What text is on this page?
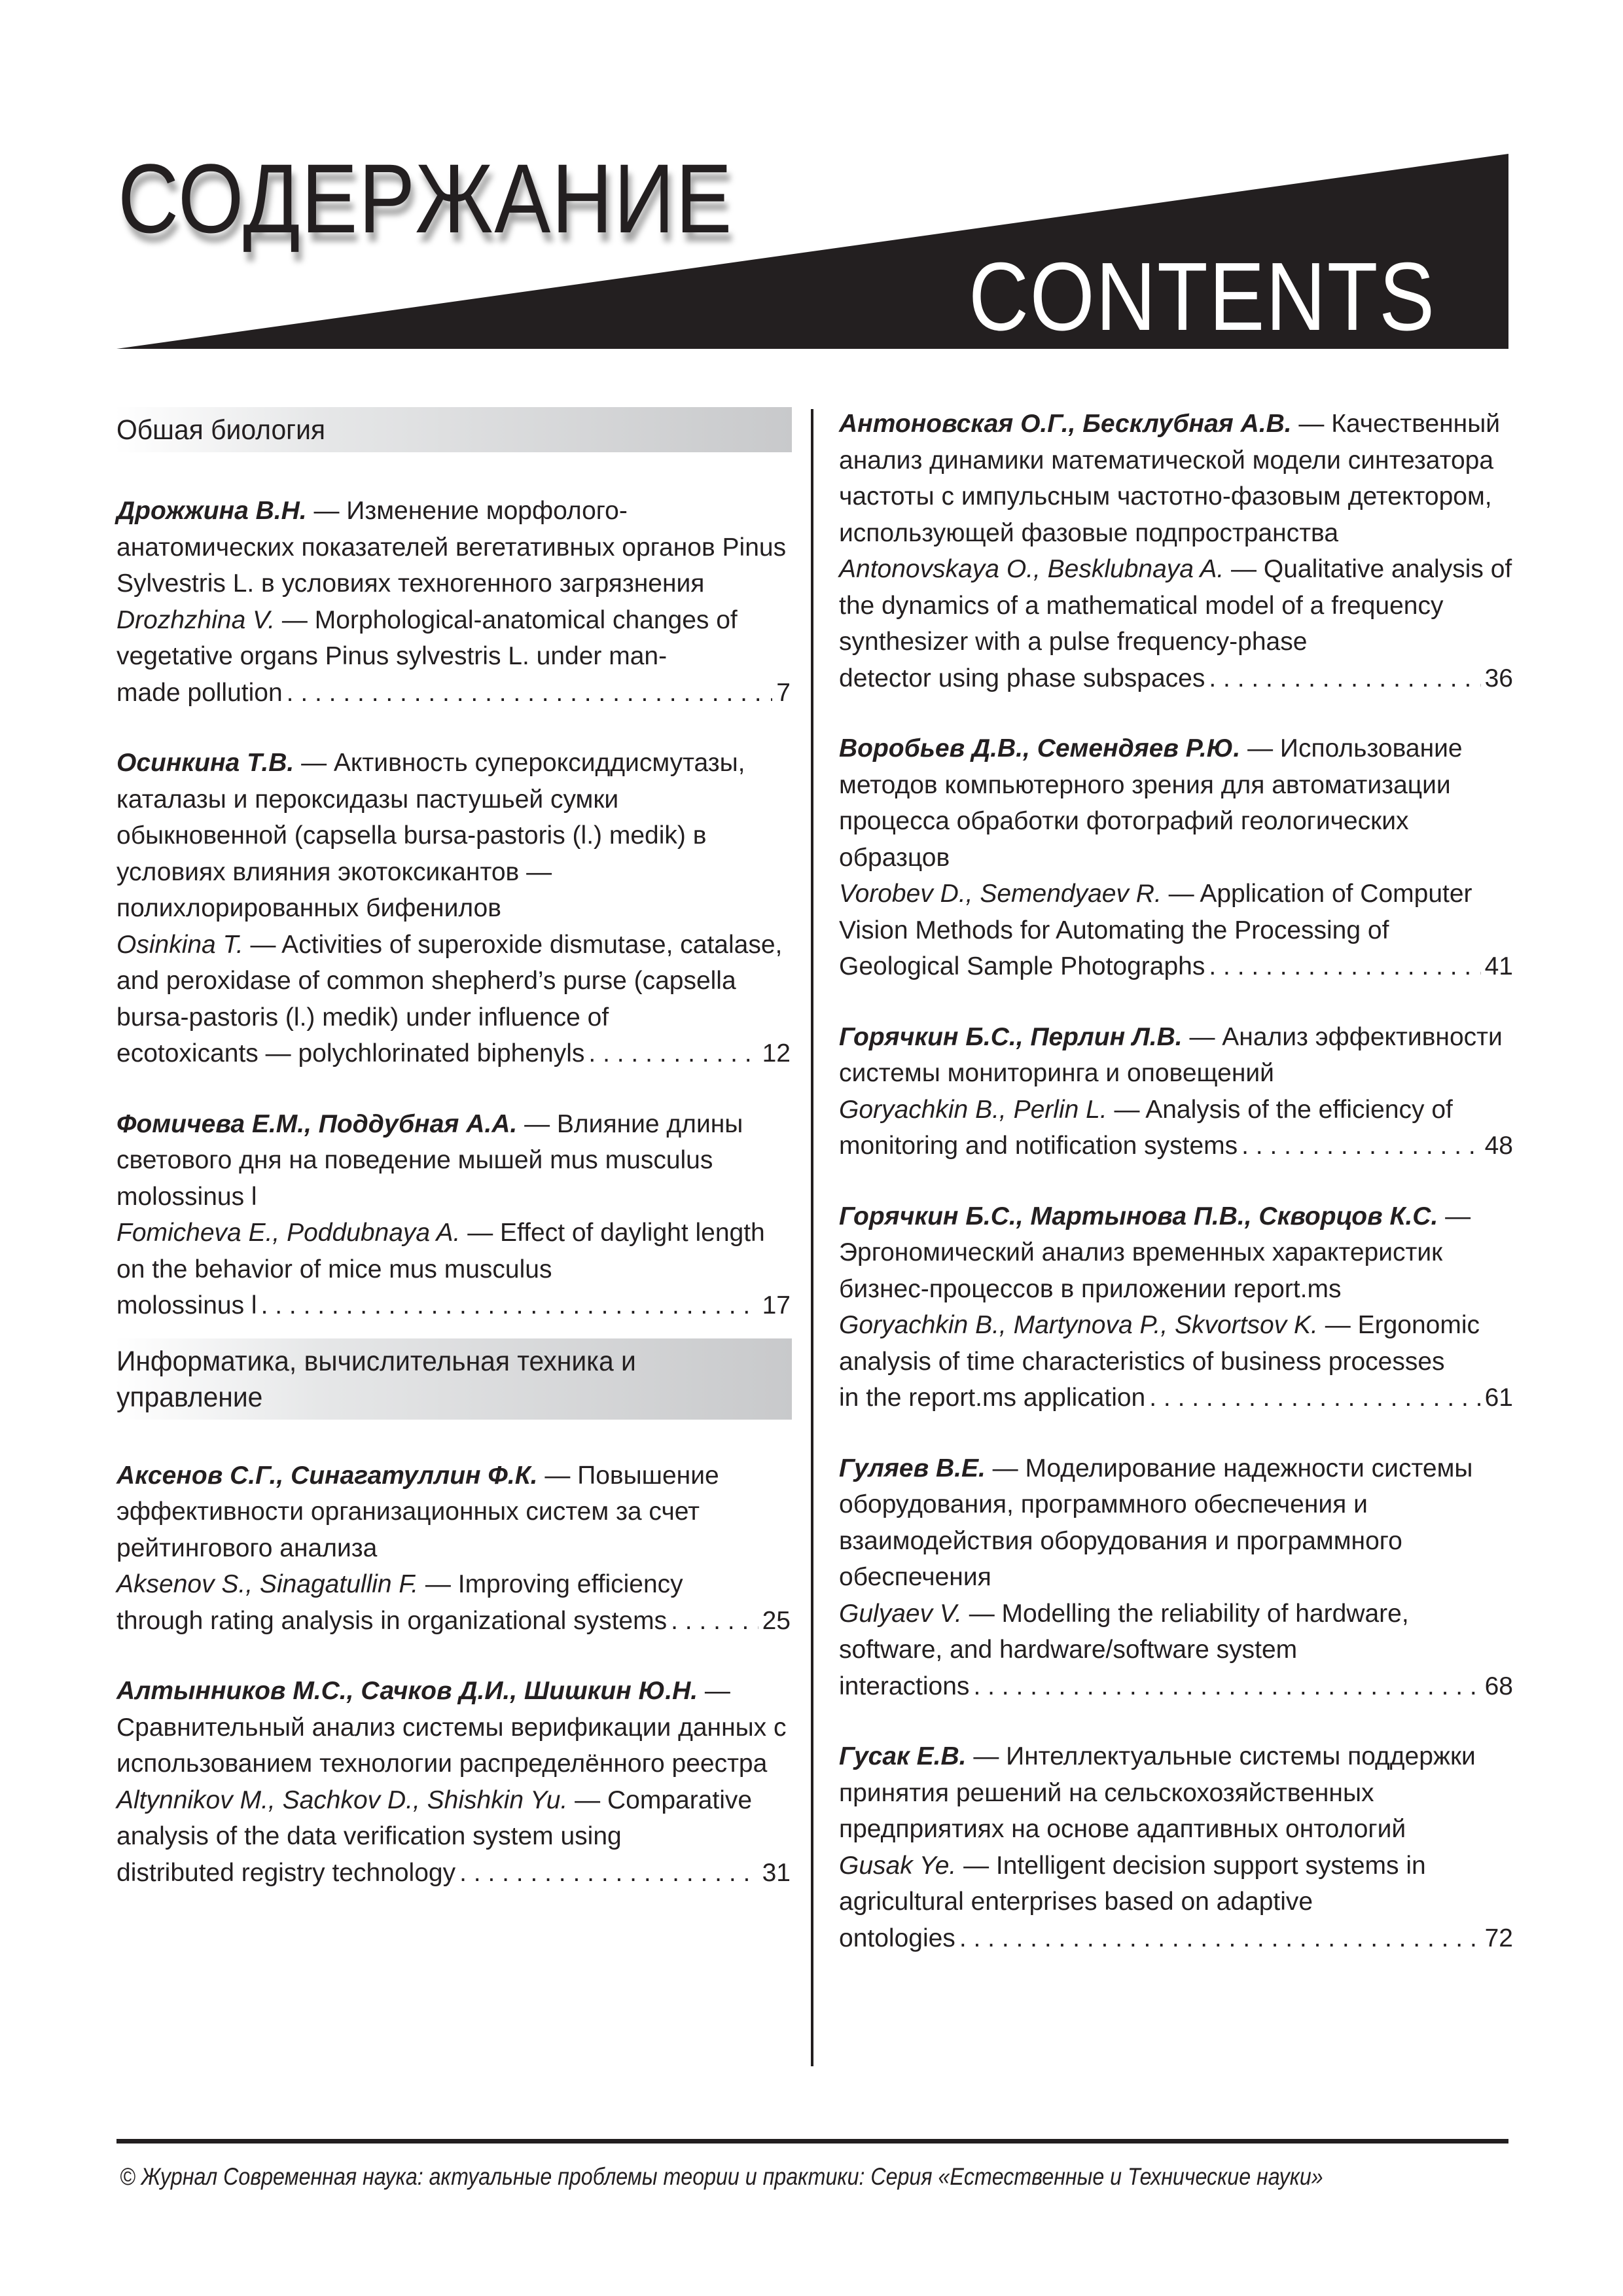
СОДЕРЖАНИЕ
CONTENTS
Обшая биология

Дрожжина В.Н. — Изменение морфолого-анатомических показателей вегетативных органов Pinus Sylvestris L. в условиях техногенного загрязнения

Drozhzhina V. — Morphological-anatomical changes of vegetative organs Pinus sylvestris L. under man-

made pollution . . .	7

Осинкина Т.В. — Активность супероксиддисмутазы, каталазы и пероксидазы пастушьей сумки обыкновенной (capsella bursa-pastoris (l.) medik) в условиях влияния экотоксикантов — полихлорированных бифенилов

Osinkina T. — Activities of superoxide dismutase, catalase, and peroxidase of common shepherd’s purse (capsella bursa-pastoris (l.) medik) under influence of

ecotoxicants — polychlorinated biphenyls . . .	12

Фомичева Е.М., Поддубная А.А. — Влияние длины светового дня на поведение мышей mus musculus molossinus l

Fomicheva E., Poddubnaya A. — Effect of daylight length on the behavior of mice mus musculus

molossinus l . . .	17
Информатика, вычислительная техника и управление

Аксенов С.Г., Синагатуллин Ф.К. — Повышение эффективности организационных систем за счет рейтингового анализа

Aksenov S., Sinagatullin F. — Improving efficiency

through rating analysis in organizational systems . . .	25

Алтынников М.С., Сачков Д.И., Шишкин Ю.Н. — Сравнительный анализ системы верификации данных с использованием технологии распределённого реестра

Altynnikov M., Sachkov D., Shishkin Yu. — Comparative analysis of the data verification system using

distributed registry technology . . .	31

Антоновская О.Г., Бесклубная А.В. — Качественный анализ динамики математической модели синтезатора частоты с импульсным частотно-фазовым детектором, использующей фазовые подпространства

Antonovskaya O., Besklubnaya A. — Qualitative analysis of the dynamics of a mathematical model of a frequency synthesizer with a pulse frequency-phase

detector using phase subspaces . . .	36

Воробьев Д.В., Семендяев Р.Ю. — Использование методов компьютерного зрения для автоматизации процесса обработки фотографий геологических образцов

Vorobev D., Semendyaev R. — Application of Computer Vision Methods for Automating the Processing of

Geological Sample Photographs . . .	41

Горячкин Б.С., Перлин Л.В. — Анализ эффективности системы мониторинга и оповещений

Goryachkin B., Perlin L. — Analysis of the efficiency of

monitoring and notification systems . . .	48

Горячкин Б.С., Мартынова П.В., Скворцов К.С. — Эргономический анализ временных характеристик бизнес-процессов в приложении report.ms

Goryachkin B., Martynova P., Skvortsov K. — Ergonomic analysis of time characteristics of business processes

in the report.ms application . . .	61

Гуляев В.Е. — Моделирование надежности системы оборудования, программного обеспечения и взаимодействия оборудования и программного обеспечения

Gulyaev V. — Modelling the reliability of hardware, software, and hardware/software system

interactions . . .	68

Гусак Е.В. — Интеллектуальные системы поддержки принятия решений на сельскохозяйственных предприятиях на основе адаптивных онтологий

Gusak Ye. — Intelligent decision support systems in agricultural enterprises based on adaptive

ontologies . . .	72
© Журнал Современная наука: актуальные проблемы теории и практики: Серия «Естественные и Технические науки»
